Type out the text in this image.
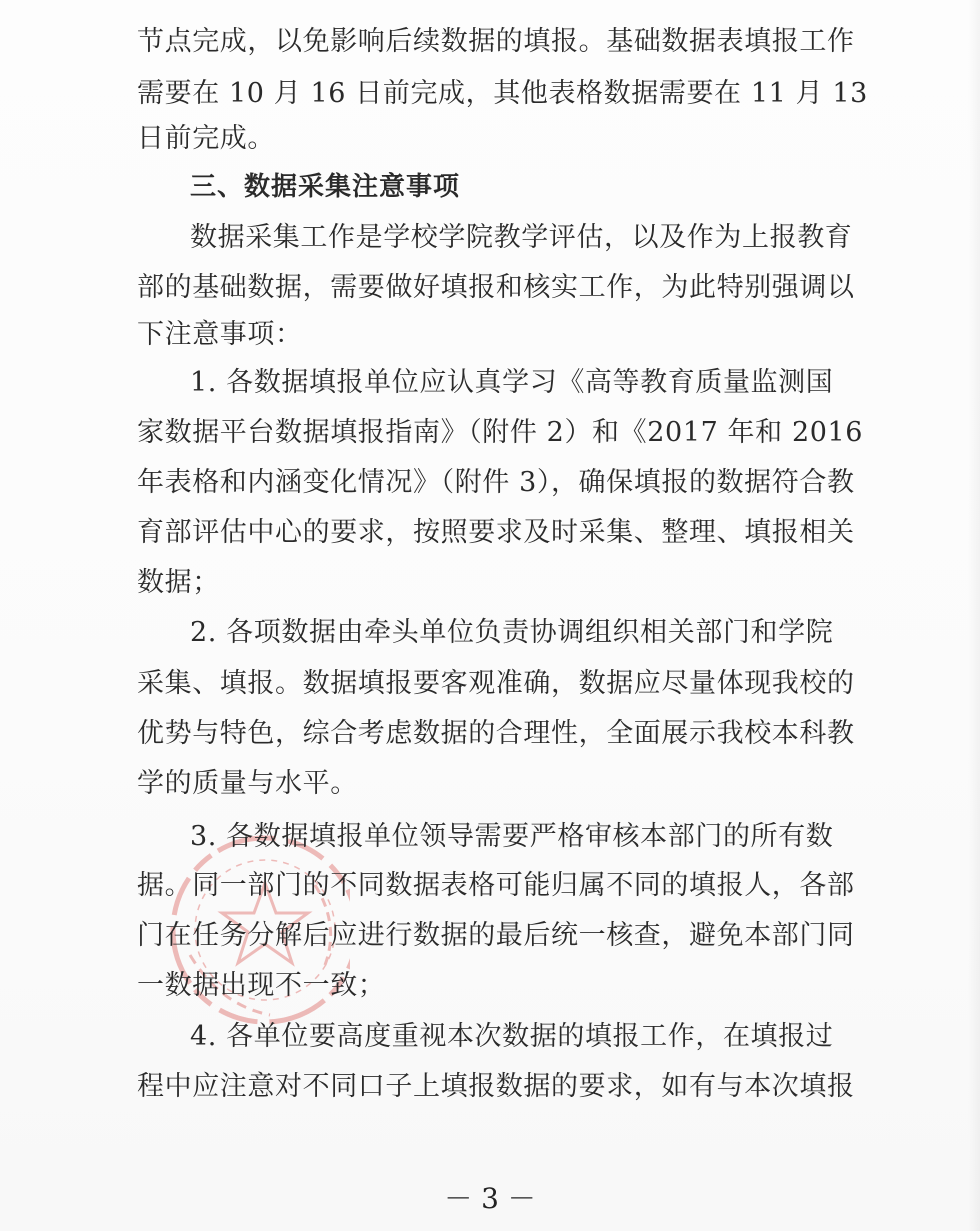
节点完成，以免影响后续数据的填报。基础数据表填报工作
需要在 10 月 16 日前完成，其他表格数据需要在 11 月 13
日前完成。
三、数据采集注意事项
数据采集工作是学校学院教学评估，以及作为上报教育
部的基础数据，需要做好填报和核实工作，为此特别强调以
下注意事项：
1. 各数据填报单位应认真学习《高等教育质量监测国
家数据平台数据填报指南》（附件 2）和《2017 年和 2016
年表格和内涵变化情况》（附件 3），确保填报的数据符合教
育部评估中心的要求，按照要求及时采集、整理、填报相关
数据；
2. 各项数据由牵头单位负责协调组织相关部门和学院
采集、填报。数据填报要客观准确，数据应尽量体现我校的
优势与特色，综合考虑数据的合理性，全面展示我校本科教
学的质量与水平。
3. 各数据填报单位领导需要严格审核本部门的所有数
据。同一部门的不同数据表格可能归属不同的填报人，各部
门在任务分解后应进行数据的最后统一核查，避免本部门同
一数据出现不一致；
4. 各单位要高度重视本次数据的填报工作，在填报过
程中应注意对不同口子上填报数据的要求，如有与本次填报
－ 3 －
